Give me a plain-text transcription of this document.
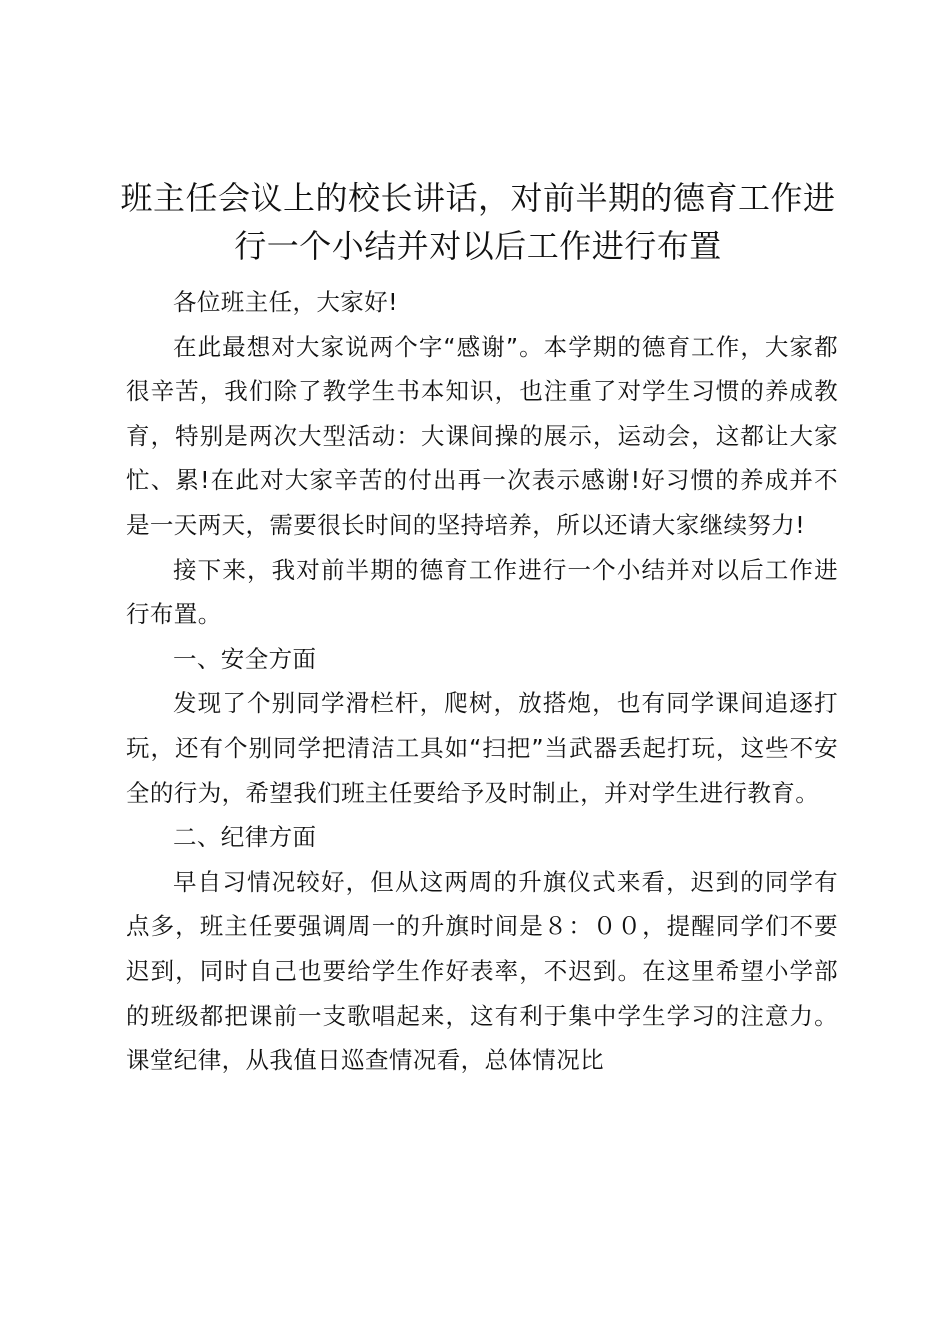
班主任会议上的校长讲话，对前半期的德育工作进行一个小结并对以后工作进行布置

各位班主任，大家好!

在此最想对大家说两个字“感谢”。本学期的德育工作，大家都很辛苦，我们除了教学生书本知识，也注重了对学生习惯的养成教育，特别是两次大型活动：大课间操的展示，运动会，这都让大家忙、累!在此对大家辛苦的付出再一次表示感谢!好习惯的养成并不是一天两天，需要很长时间的坚持培养，所以还请大家继续努力!

接下来，我对前半期的德育工作进行一个小结并对以后工作进行布置。

一、安全方面

发现了个别同学滑栏杆，爬树，放搭炮，也有同学课间追逐打玩，还有个别同学把清洁工具如“扫把”当武器丢起打玩，这些不安全的行为，希望我们班主任要给予及时制止，并对学生进行教育。

二、纪律方面

早自习情况较好，但从这两周的升旗仪式来看，迟到的同学有点多，班主任要强调周一的升旗时间是８：００，提醒同学们不要迟到，同时自己也要给学生作好表率，不迟到。在这里希望小学部的班级都把课前一支歌唱起来，这有利于集中学生学习的注意力。课堂纪律，从我值日巡查情况看，总体情况比
